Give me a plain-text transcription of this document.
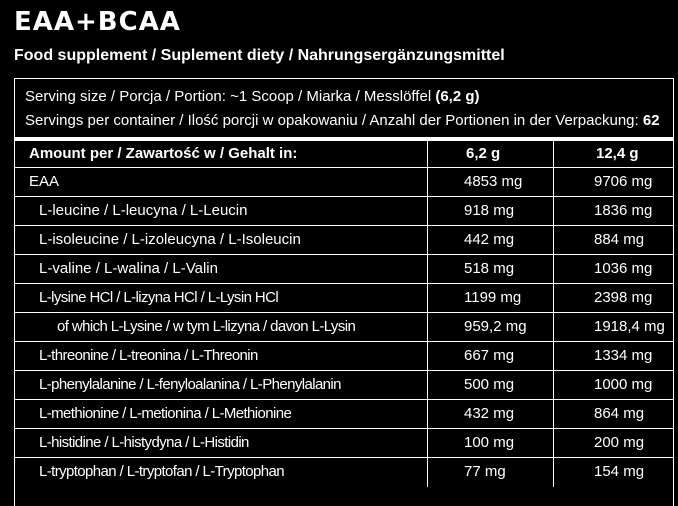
EAA+BCAA
Food supplement / Suplement diety / Nahrungsergänzungsmittel
Serving size / Porcja / Portion: ~1 Scoop / Miarka / Messlöffel (6,2 g)
Servings per container / Ilość porcji w opakowaniu / Anzahl der Portionen in der Verpackung: 62
Amount per / Zawartość w / Gehalt in:	6,2 g	12,4 g
EAA	4853 mg	9706 mg
L-leucine / L-leucyna / L-Leucin	918 mg	1836 mg
L-isoleucine / L-izoleucyna / L-Isoleucin	442 mg	884 mg
L-valine / L-walina / L-Valin	518 mg	1036 mg
L-lysine HCl / L-lizyna HCl / L-Lysin HCl	1199 mg	2398 mg
of which L-Lysine / w tym L-lizyna / davon L-Lysin	959,2 mg	1918,4 mg
L-threonine / L-treonina / L-Threonin	667 mg	1334 mg
L-phenylalanine / L-fenyloalanina / L-Phenylalanin	500 mg	1000 mg
L-methionine / L-metionina / L-Methionine	432 mg	864 mg
L-histidine / L-histydyna / L-Histidin	100 mg	200 mg
L-tryptophan / L-tryptofan / L-Tryptophan	77 mg	154 mg
